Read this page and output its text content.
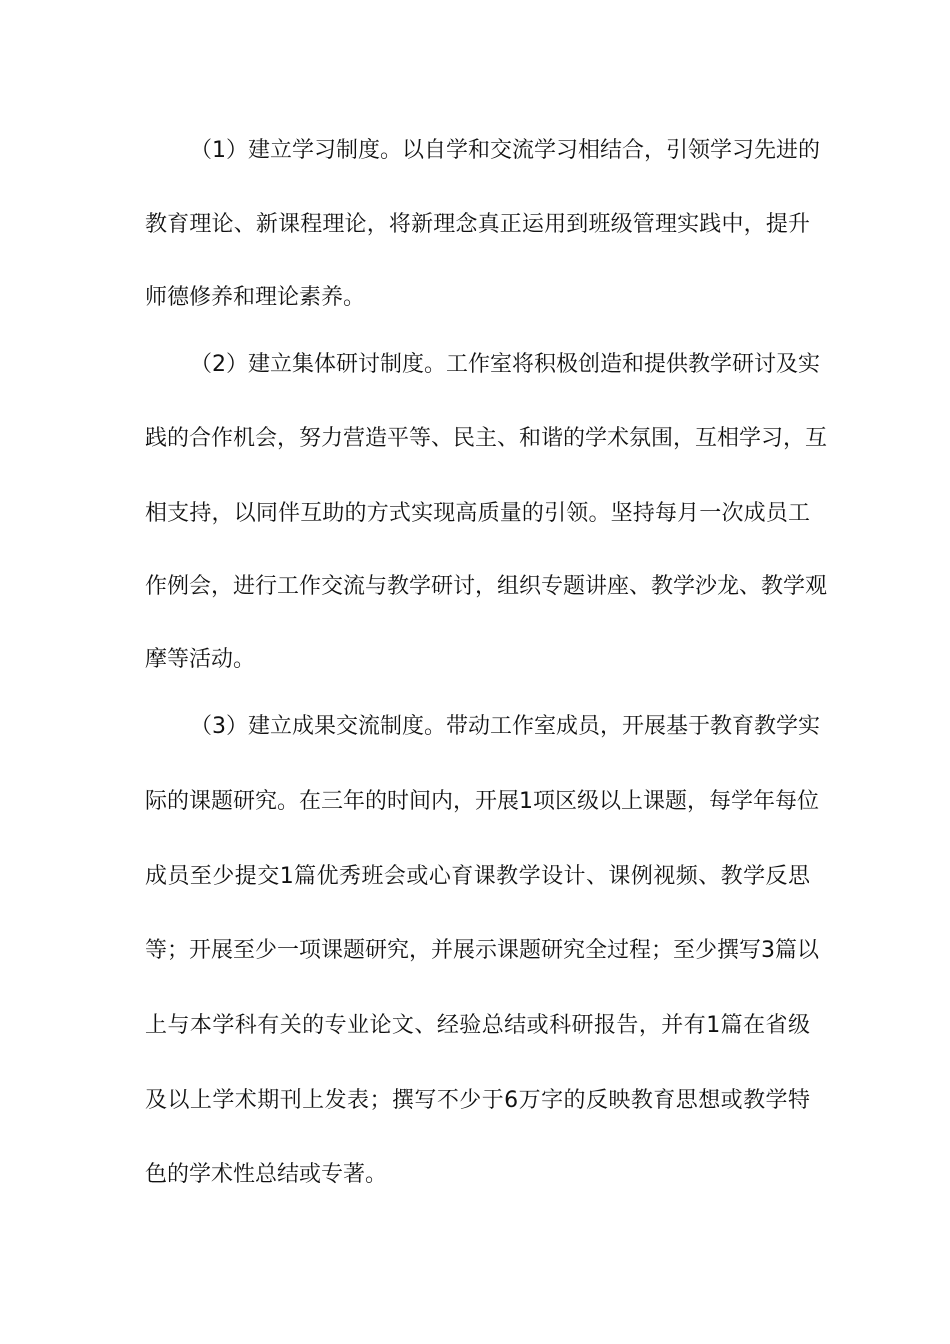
（1）建立学习制度。以自学和交流学习相结合，引领学习先进的
教育理论、新课程理论，将新理念真正运用到班级管理实践中，提升
师德修养和理论素养。
（2）建立集体研讨制度。工作室将积极创造和提供教学研讨及实
践的合作机会，努力营造平等、民主、和谐的学术氛围，互相学习，互
相支持，以同伴互助的方式实现高质量的引领。坚持每月一次成员工
作例会，进行工作交流与教学研讨，组织专题讲座、教学沙龙、教学观
摩等活动。
（3）建立成果交流制度。带动工作室成员，开展基于教育教学实
际的课题研究。在三年的时间内，开展1项区级以上课题，每学年每位
成员至少提交1篇优秀班会或心育课教学设计、课例视频、教学反思
等；开展至少一项课题研究，并展示课题研究全过程；至少撰写3篇以
上与本学科有关的专业论文、经验总结或科研报告，并有1篇在省级
及以上学术期刊上发表；撰写不少于6万字的反映教育思想或教学特
色的学术性总结或专著。
